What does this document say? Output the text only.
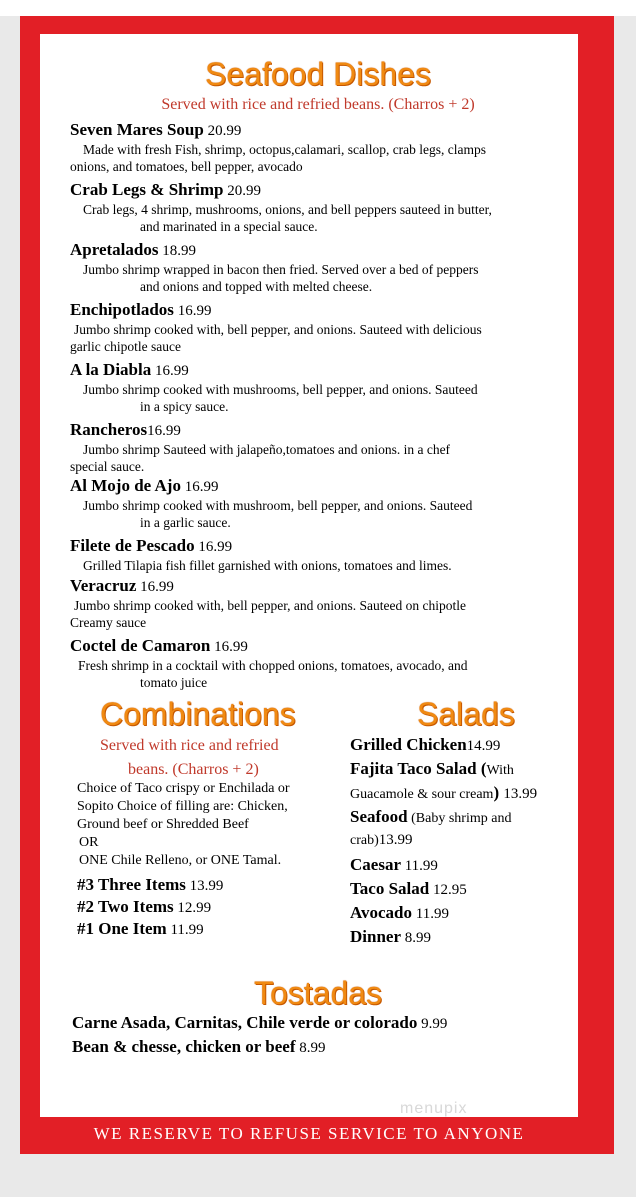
Seafood Dishes
Served with rice and refried beans. (Charros + 2)
Seven Mares Soup 20.99
Made with fresh Fish, shrimp, octopus,calamari, scallop, crab legs, clamps
onions, and tomatoes, bell pepper, avocado
Crab Legs & Shrimp 20.99
Crab legs, 4 shrimp, mushrooms, onions, and bell peppers sauteed in butter,
and marinated in a special sauce.
Apretalados 18.99
Jumbo shrimp wrapped in bacon then fried. Served over a bed of peppers
and onions and topped with melted cheese.
Enchipotlados 16.99
Jumbo shrimp cooked with, bell pepper, and onions. Sauteed with delicious
garlic chipotle sauce
A la Diabla 16.99
Jumbo shrimp cooked with mushrooms, bell pepper, and onions. Sauteed
in a spicy sauce.
Rancheros16.99
Jumbo shrimp Sauteed with jalapeño,tomatoes and onions. in a chef
special sauce.
Al Mojo de Ajo 16.99
Jumbo shrimp cooked with mushroom, bell pepper, and onions. Sauteed
in a garlic sauce.
Filete de Pescado 16.99
Grilled Tilapia fish fillet garnished with onions, tomatoes and limes.
Veracruz 16.99
Jumbo shrimp cooked with, bell pepper, and onions. Sauteed on chipotle
Creamy sauce
Coctel de Camaron 16.99
Fresh shrimp in a cocktail with chopped onions, tomatoes, avocado, and
tomato juice
Combinations
Served with rice and refried
beans. (Charros + 2)
Choice of Taco crispy or Enchilada or
Sopito Choice of filling are: Chicken,
Ground beef or Shredded Beef
OR
ONE Chile Relleno, or ONE Tamal.
#3 Three Items 13.99
#2 Two Items 12.99
#1 One Item 11.99
Salads
Grilled Chicken14.99
Fajita Taco Salad (With
Guacamole & sour cream) 13.99
Seafood (Baby shrimp and
crab)13.99
Caesar 11.99
Taco Salad 12.95
Avocado 11.99
Dinner 8.99
Tostadas
Carne Asada, Carnitas, Chile verde or colorado 9.99
Bean & chesse, chicken or beef 8.99
menupix
WE RESERVE TO REFUSE SERVICE TO ANYONE
